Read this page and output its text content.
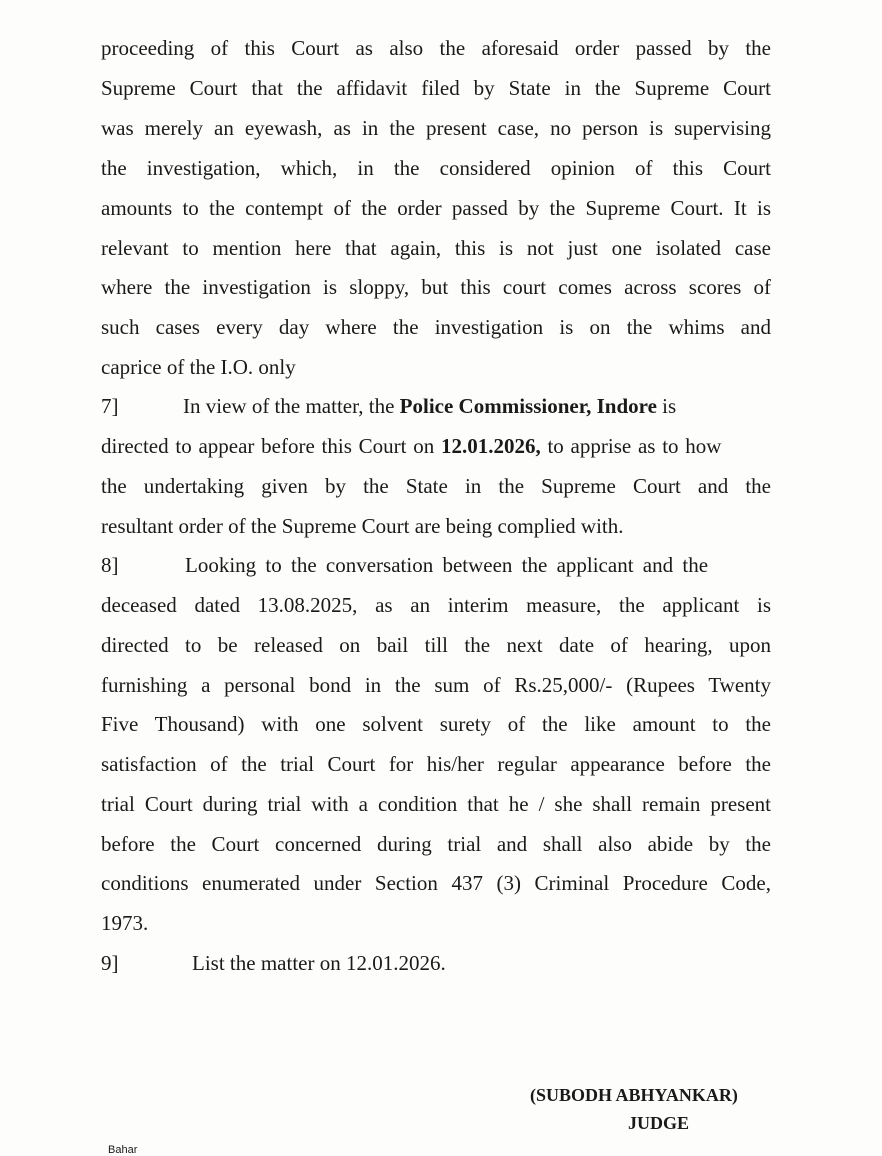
proceeding of this Court as also the aforesaid order passed by the
Supreme Court that the affidavit filed by State in the Supreme Court
was merely an eyewash, as in the present case, no person is supervising
the investigation, which, in the considered opinion of this Court
amounts to the contempt of the order passed by the Supreme Court. It is
relevant to mention here that again, this is not just one isolated case
where the investigation is sloppy, but this court comes across scores of
such cases every day where the investigation is on the whims and
caprice of the I.O. only
7]	In view of the matter, the Police Commissioner, Indore is
directed to appear before this Court on 12.01.2026, to apprise as to how
the undertaking given by the State in the Supreme Court and the
resultant order of the Supreme Court are being complied with.
8]	Looking to the conversation between the applicant and the
deceased dated 13.08.2025, as an interim measure, the applicant is
directed to be released on bail till the next date of hearing, upon
furnishing a personal bond in the sum of Rs.25,000/- (Rupees Twenty
Five Thousand) with one solvent surety of the like amount to the
satisfaction of the trial Court for his/her regular appearance before the
trial Court during trial with a condition that he / she shall remain present
before the Court concerned during trial and shall also abide by the
conditions enumerated under Section 437 (3) Criminal Procedure Code,
1973.
9]	List the matter on 12.01.2026.
(SUBODH ABHYANKAR)
JUDGE
Bahar
